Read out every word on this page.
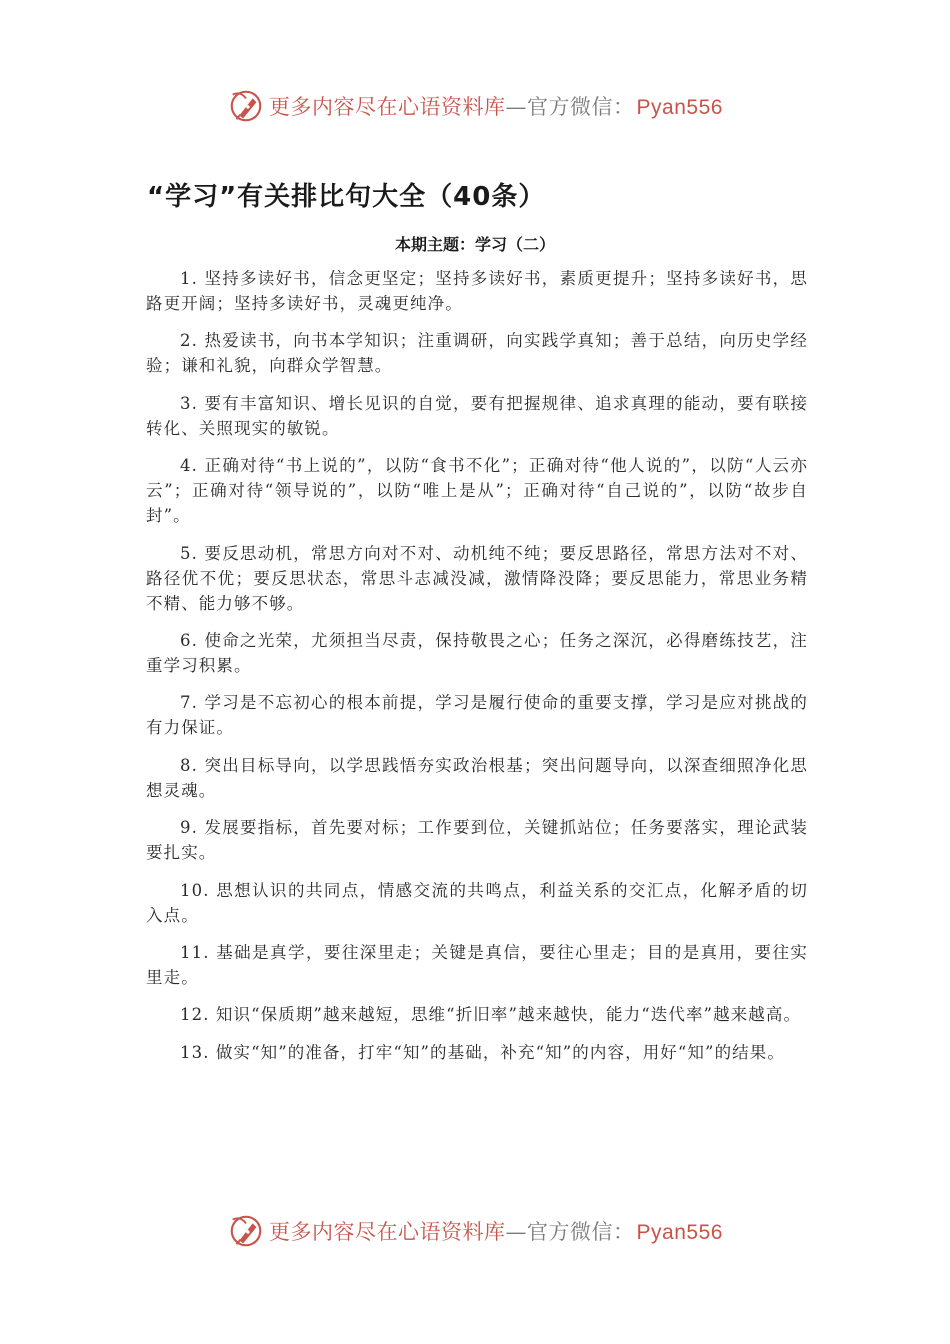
更多内容尽在心语资料库—官方微信：Pyan556
“学习”有关排比句大全（40条）

本期主题：学习（二）

1. 坚持多读好书，信念更坚定；坚持多读好书，素质更提升；坚持多读好书，思路更开阔；坚持多读好书，灵魂更纯净。

2. 热爱读书，向书本学知识；注重调研，向实践学真知；善于总结，向历史学经验；谦和礼貌，向群众学智慧。

3. 要有丰富知识、增长见识的自觉，要有把握规律、追求真理的能动，要有联接转化、关照现实的敏锐。

4. 正确对待“书上说的”，以防“食书不化”；正确对待“他人说的”，以防“人云亦云”；正确对待“领导说的”，以防“唯上是从”；正确对待“自己说的”，以防“故步自封”。

5. 要反思动机，常思方向对不对、动机纯不纯；要反思路径，常思方法对不对、路径优不优；要反思状态，常思斗志减没减，激情降没降；要反思能力，常思业务精不精、能力够不够。

6. 使命之光荣，尤须担当尽责，保持敬畏之心；任务之深沉，必得磨练技艺，注重学习积累。

7. 学习是不忘初心的根本前提，学习是履行使命的重要支撑，学习是应对挑战的有力保证。

8. 突出目标导向，以学思践悟夯实政治根基；突出问题导向，以深查细照净化思想灵魂。

9. 发展要指标，首先要对标；工作要到位，关键抓站位；任务要落实，理论武装要扎实。

10. 思想认识的共同点，情感交流的共鸣点，利益关系的交汇点，化解矛盾的切入点。

11. 基础是真学，要往深里走；关键是真信，要往心里走；目的是真用，要往实里走。

12. 知识“保质期”越来越短，思维“折旧率”越来越快，能力“迭代率”越来越高。

13. 做实“知”的准备，打牢“知”的基础，补充“知”的内容，用好“知”的结果。

更多内容尽在心语资料库—官方微信：Pyan556
